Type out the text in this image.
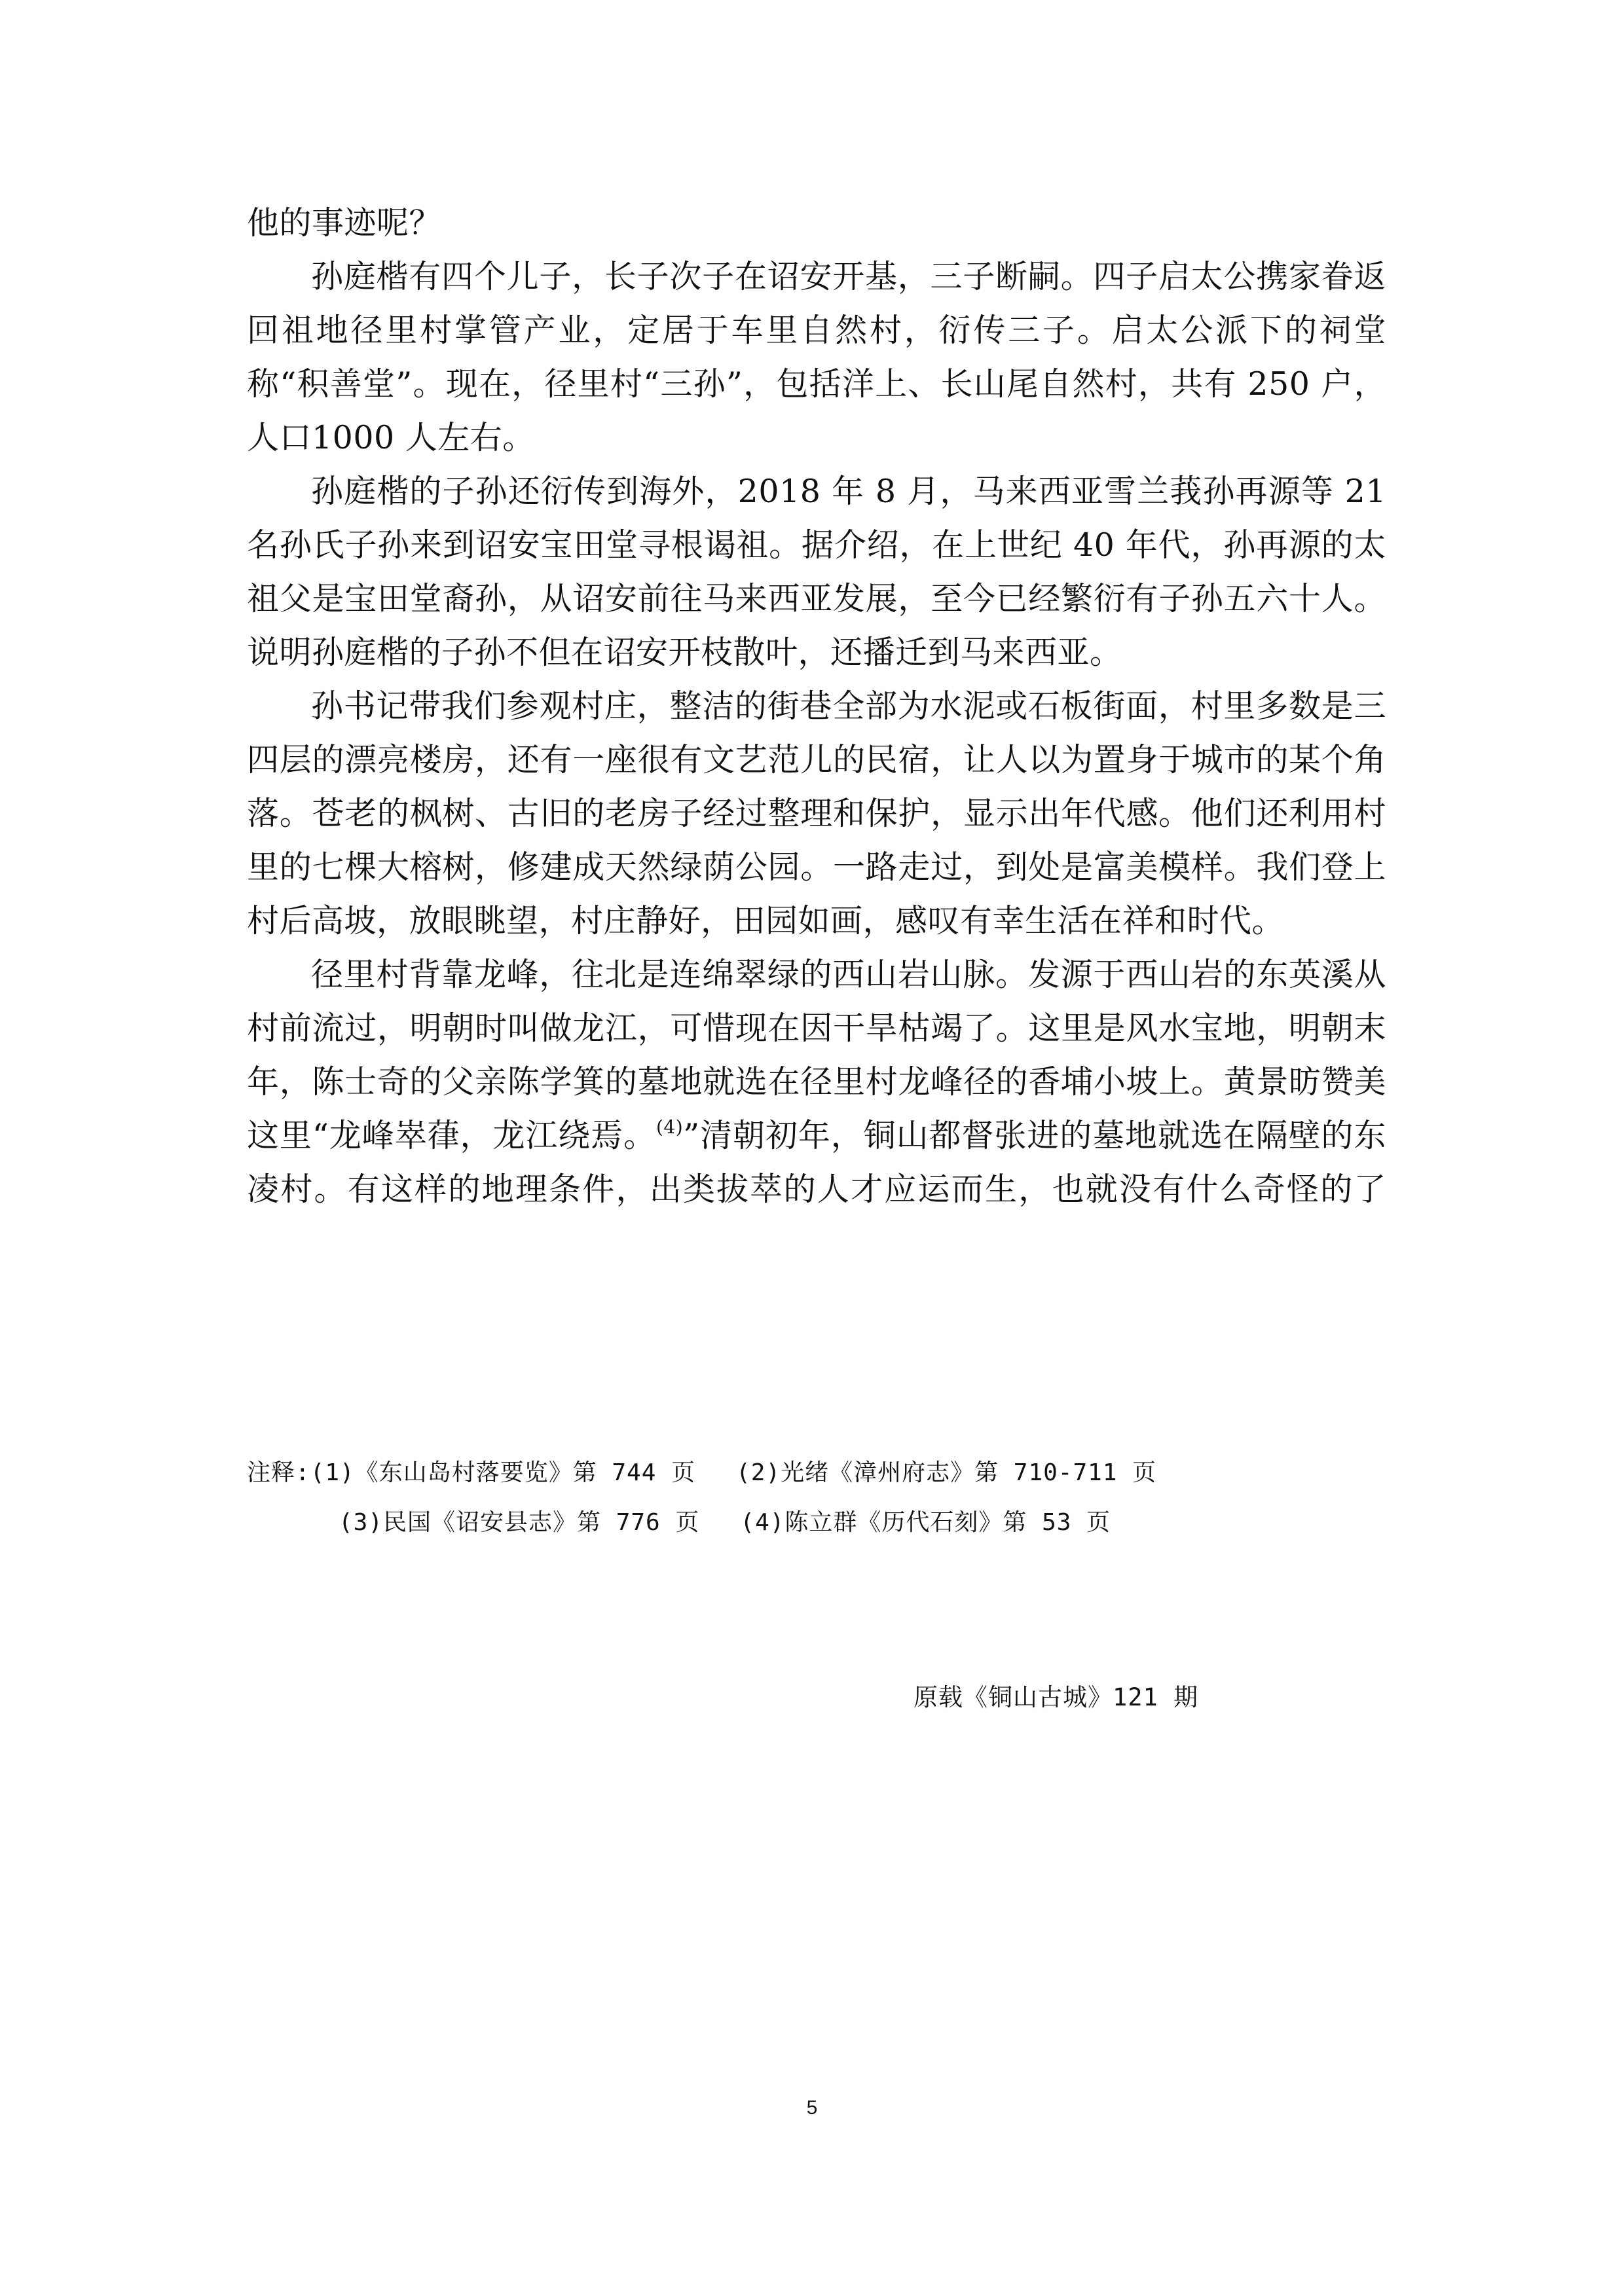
他的事迹呢？

孙庭楷有四个儿子，长子次子在诏安开基，三子断嗣。四子启太公携家眷返回祖地径里村掌管产业，定居于车里自然村，衍传三子。启太公派下的祠堂称“积善堂”。现在，径里村“三孙”，包括洋上、长山尾自然村，共有 250 户，人口1000 人左右。

孙庭楷的子孙还衍传到海外，2018 年 8 月，马来西亚雪兰莪孙再源等 21 名孙氏子孙来到诏安宝田堂寻根谒祖。据介绍，在上世纪 40 年代，孙再源的太祖父是宝田堂裔孙，从诏安前往马来西亚发展，至今已经繁衍有子孙五六十人。说明孙庭楷的子孙不但在诏安开枝散叶，还播迁到马来西亚。

孙书记带我们参观村庄，整洁的街巷全部为水泥或石板街面，村里多数是三四层的漂亮楼房，还有一座很有文艺范儿的民宿，让人以为置身于城市的某个角落。苍老的枫树、古旧的老房子经过整理和保护，显示出年代感。他们还利用村里的七棵大榕树，修建成天然绿荫公园。一路走过，到处是富美模样。我们登上村后高坡，放眼眺望，村庄静好，田园如画，感叹有幸生活在祥和时代。

径里村背靠龙峰，往北是连绵翠绿的西山岩山脉。发源于西山岩的东英溪从村前流过，明朝时叫做龙江，可惜现在因干旱枯竭了。这里是风水宝地，明朝末年，陈士奇的父亲陈学箕的墓地就选在径里村龙峰径的香埔小坡上。黄景昉赞美这里“龙峰崒葎，龙江绕焉。$^{(4)}$”清朝初年，铜山都督张进的墓地就选在隔壁的东凌村。有这样的地理条件，出类拔萃的人才应运而生，也就没有什么奇怪的了

注释:(1)《东山岛村落要览》第 744 页 (2)光绪《漳州府志》第 710-711 页
(3)民国《诏安县志》第 776 页 (4)陈立群《历代石刻》第 53 页
原载《铜山古城》121 期
5
